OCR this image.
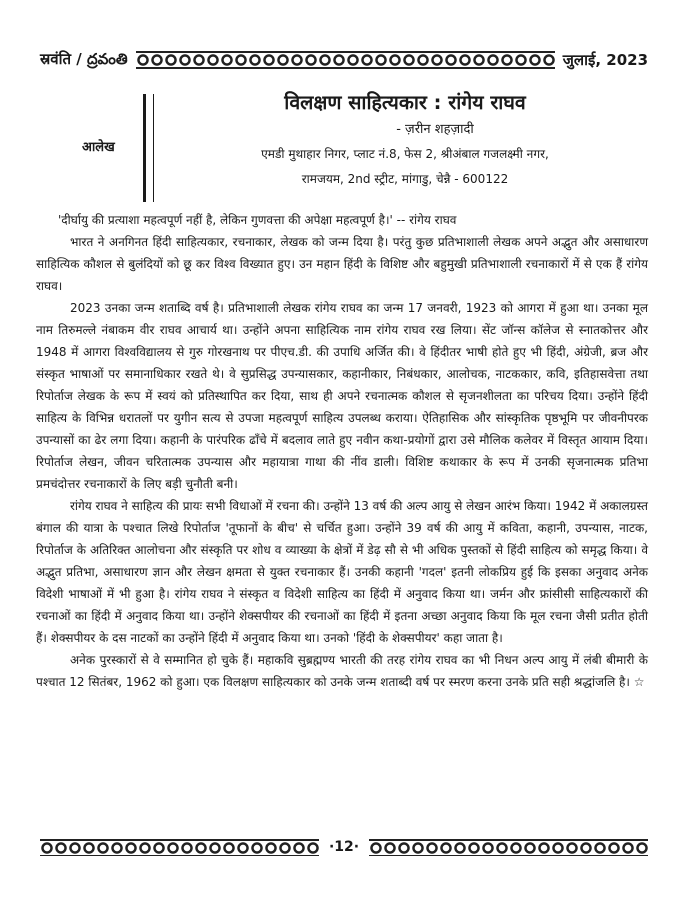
स्रवंति / ద్రవంతి	जुलाई, 2023
आलेख
विलक्षण साहित्यकार : रांगेय राघव
- ज़रीन शहज़ादी
एमडी मुथाहार निगर, प्लाट नं.8, फेस 2, श्रीअंबाल गजलक्ष्मी नगर,
रामजयम, 2nd स्ट्रीट, मांगाडु, चेन्नै - 600122

'दीर्घायु की प्रत्याशा महत्वपूर्ण नहीं है, लेकिन गुणवत्ता की अपेक्षा महत्वपूर्ण है।' -- रांगेय राघव

भारत ने अनगिनत हिंदी साहित्यकार, रचनाकार, लेखक को जन्म दिया है। परंतु कुछ प्रतिभाशाली लेखक अपने अद्भुत और असाधारण साहित्यिक कौशल से बुलंदियों को छू कर विश्व विख्यात हुए। उन महान हिंदी के विशिष्ट और बहुमुखी प्रतिभाशाली रचनाकारों में से एक हैं रांगेय राघव।

2023 उनका जन्म शताब्दि वर्ष है। प्रतिभाशाली लेखक रांगेय राघव का जन्म 17 जनवरी, 1923 को आगरा में हुआ था। उनका मूल नाम तिरुमल्ले नंबाकम वीर राघव आचार्य था। उन्होंने अपना साहित्यिक नाम रांगेय राघव रख लिया। सेंट जॉन्स कॉलेज से स्नातकोत्तर और 1948 में आगरा विश्वविद्यालय से गुरु गोरखनाथ पर पीएच.डी. की उपाधि अर्जित की। वे हिंदीतर भाषी होते हुए भी हिंदी, अंग्रेजी, ब्रज और संस्कृत भाषाओं पर समानाधिकार रखते थे। वे सुप्रसिद्ध उपन्यासकार, कहानीकार, निबंधकार, आलोचक, नाटककार, कवि, इतिहासवेत्ता तथा रिपोर्ताज लेखक के रूप में स्वयं को प्रतिस्थापित कर दिया, साथ ही अपने रचनात्मक कौशल से सृजनशीलता का परिचय दिया। उन्होंने हिंदी साहित्य के विभिन्न धरातलों पर युगीन सत्य से उपजा महत्वपूर्ण साहित्य उपलब्ध कराया। ऐतिहासिक और सांस्कृतिक पृष्ठभूमि पर जीवनीपरक उपन्यासों का ढेर लगा दिया। कहानी के पारंपरिक ढाँचे में बदलाव लाते हुए नवीन कथा-प्रयोगों द्वारा उसे मौलिक कलेवर में विस्तृत आयाम दिया। रिपोर्ताज लेखन, जीवन चरितात्मक उपन्यास और महायात्रा गाथा की नींव डाली। विशिष्ट कथाकार के रूप में उनकी सृजनात्मक प्रतिभा प्रमचंदोत्तर रचनाकारों के लिए बड़ी चुनौती बनी।

रांगेय राघव ने साहित्य की प्रायः सभी विधाओं में रचना की। उन्होंने 13 वर्ष की अल्प आयु से लेखन आरंभ किया। 1942 में अकालग्रस्त बंगाल की यात्रा के पश्चात लिखे रिपोर्ताज 'तूफानों के बीच' से चर्चित हुआ। उन्होंने 39 वर्ष की आयु में कविता, कहानी, उपन्यास, नाटक, रिपोर्ताज के अतिरिक्त आलोचना और संस्कृति पर शोध व व्याख्या के क्षेत्रों में डेढ़ सौ से भी अधिक पुस्तकों से हिंदी साहित्य को समृद्ध किया। वे अद्भुत प्रतिभा, असाधारण ज्ञान और लेखन क्षमता से युक्त रचनाकार हैं। उनकी कहानी 'गदल' इतनी लोकप्रिय हुई कि इसका अनुवाद अनेक विदेशी भाषाओं में भी हुआ है। रांगेय राघव ने संस्कृत व विदेशी साहित्य का हिंदी में अनुवाद किया था। जर्मन और फ्रांसीसी साहित्यकारों की रचनाओं का हिंदी में अनुवाद किया था। उन्होंने शेक्सपीयर की रचनाओं का हिंदी में इतना अच्छा अनुवाद किया कि मूल रचना जैसी प्रतीत होती हैं। शेक्सपीयर के दस नाटकों का उन्होंने हिंदी में अनुवाद किया था। उनको 'हिंदी के शेक्सपीयर' कहा जाता है।

अनेक पुरस्कारों से वे सम्मानित हो चुके हैं। महाकवि सुब्रह्मण्य भारती की तरह रांगेय राघव का भी निधन अल्प आयु में लंबी बीमारी के पश्चात 12 सितंबर, 1962 को हुआ। एक विलक्षण साहित्यकार को उनके जन्म शताब्दी वर्ष पर स्मरण करना उनके प्रति सही श्रद्धांजलि है। ☆

·12·
